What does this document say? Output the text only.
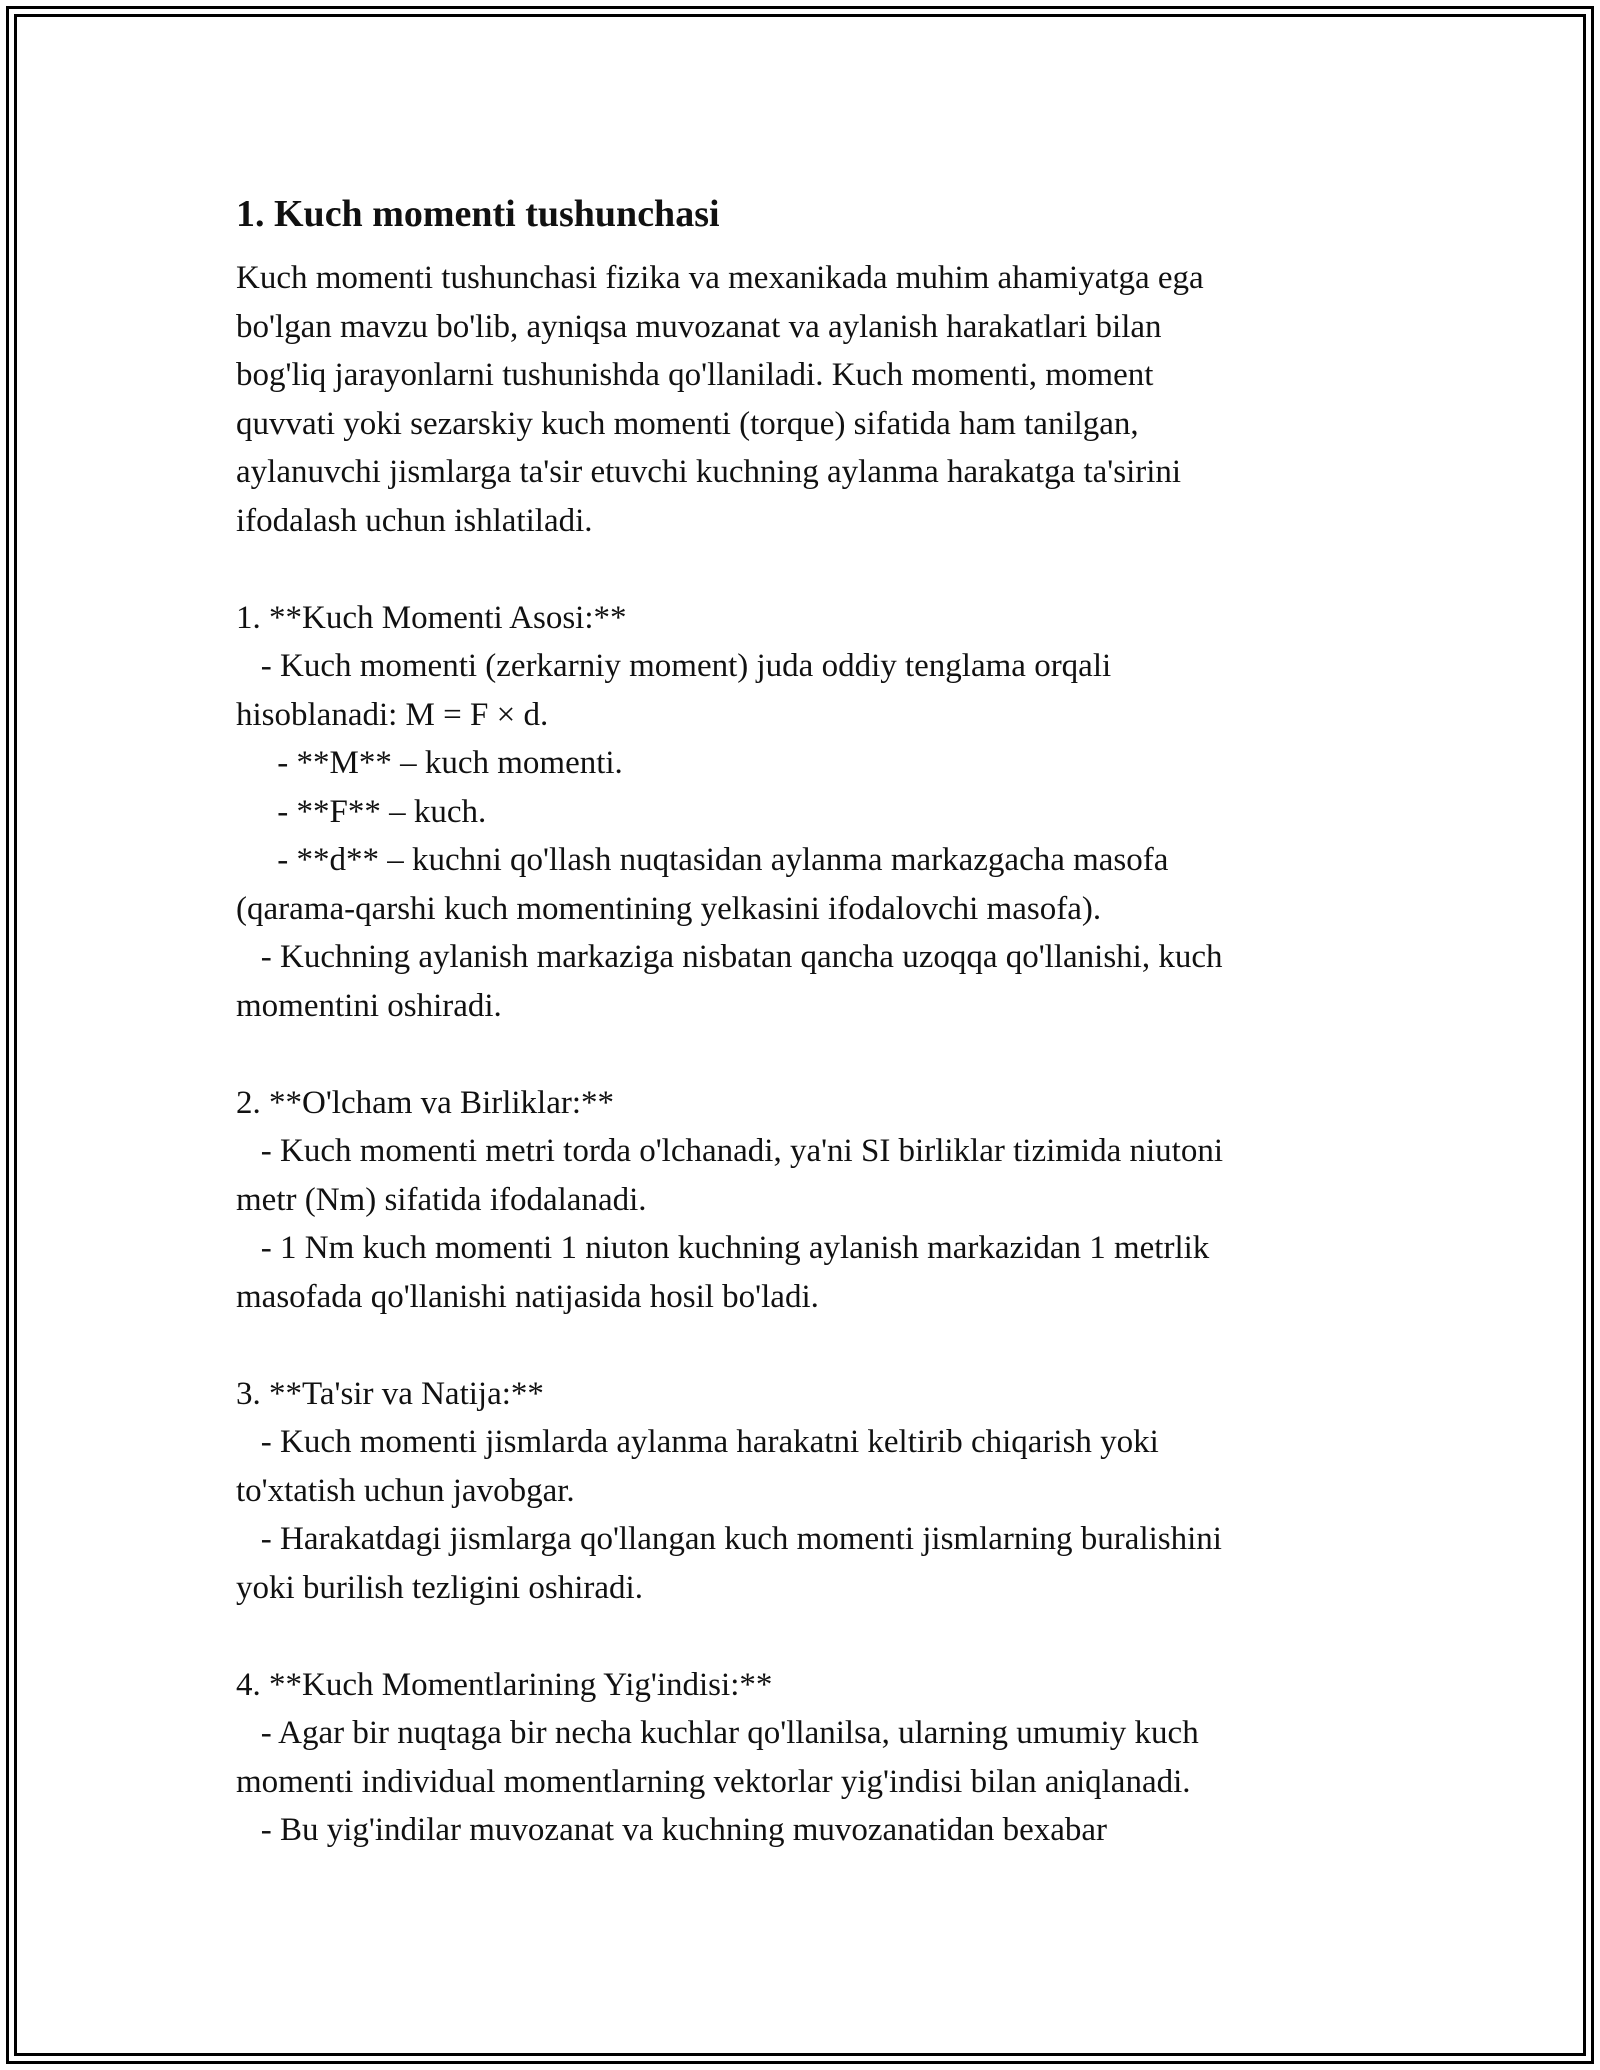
1. Kuch momenti tushunchasi
Kuch momenti tushunchasi fizika va mexanikada muhim ahamiyatga ega
bo'lgan mavzu bo'lib, ayniqsa muvozanat va aylanish harakatlari bilan
bog'liq jarayonlarni tushunishda qo'llaniladi. Kuch momenti, moment
quvvati yoki sezarskiy kuch momenti (torque) sifatida ham tanilgan,
aylanuvchi jismlarga ta'sir etuvchi kuchning aylanma harakatga ta'sirini
ifodalash uchun ishlatiladi.
1. **Kuch Momenti Asosi:**
- Kuch momenti (zerkarniy moment) juda oddiy tenglama orqali
hisoblanadi: M = F × d.
- **M** – kuch momenti.
- **F** – kuch.
- **d** – kuchni qo'llash nuqtasidan aylanma markazgacha masofa
(qarama-qarshi kuch momentining yelkasini ifodalovchi masofa).
- Kuchning aylanish markaziga nisbatan qancha uzoqqa qo'llanishi, kuch
momentini oshiradi.
2. **O'lcham va Birliklar:**
- Kuch momenti metri torda o'lchanadi, ya'ni SI birliklar tizimida niutoni
metr (Nm) sifatida ifodalanadi.
- 1 Nm kuch momenti 1 niuton kuchning aylanish markazidan 1 metrlik
masofada qo'llanishi natijasida hosil bo'ladi.
3. **Ta'sir va Natija:**
- Kuch momenti jismlarda aylanma harakatni keltirib chiqarish yoki
to'xtatish uchun javobgar.
- Harakatdagi jismlarga qo'llangan kuch momenti jismlarning buralishini
yoki burilish tezligini oshiradi.
4. **Kuch Momentlarining Yig'indisi:**
- Agar bir nuqtaga bir necha kuchlar qo'llanilsa, ularning umumiy kuch
momenti individual momentlarning vektorlar yig'indisi bilan aniqlanadi.
- Bu yig'indilar muvozanat va kuchning muvozanatidan bexabar
